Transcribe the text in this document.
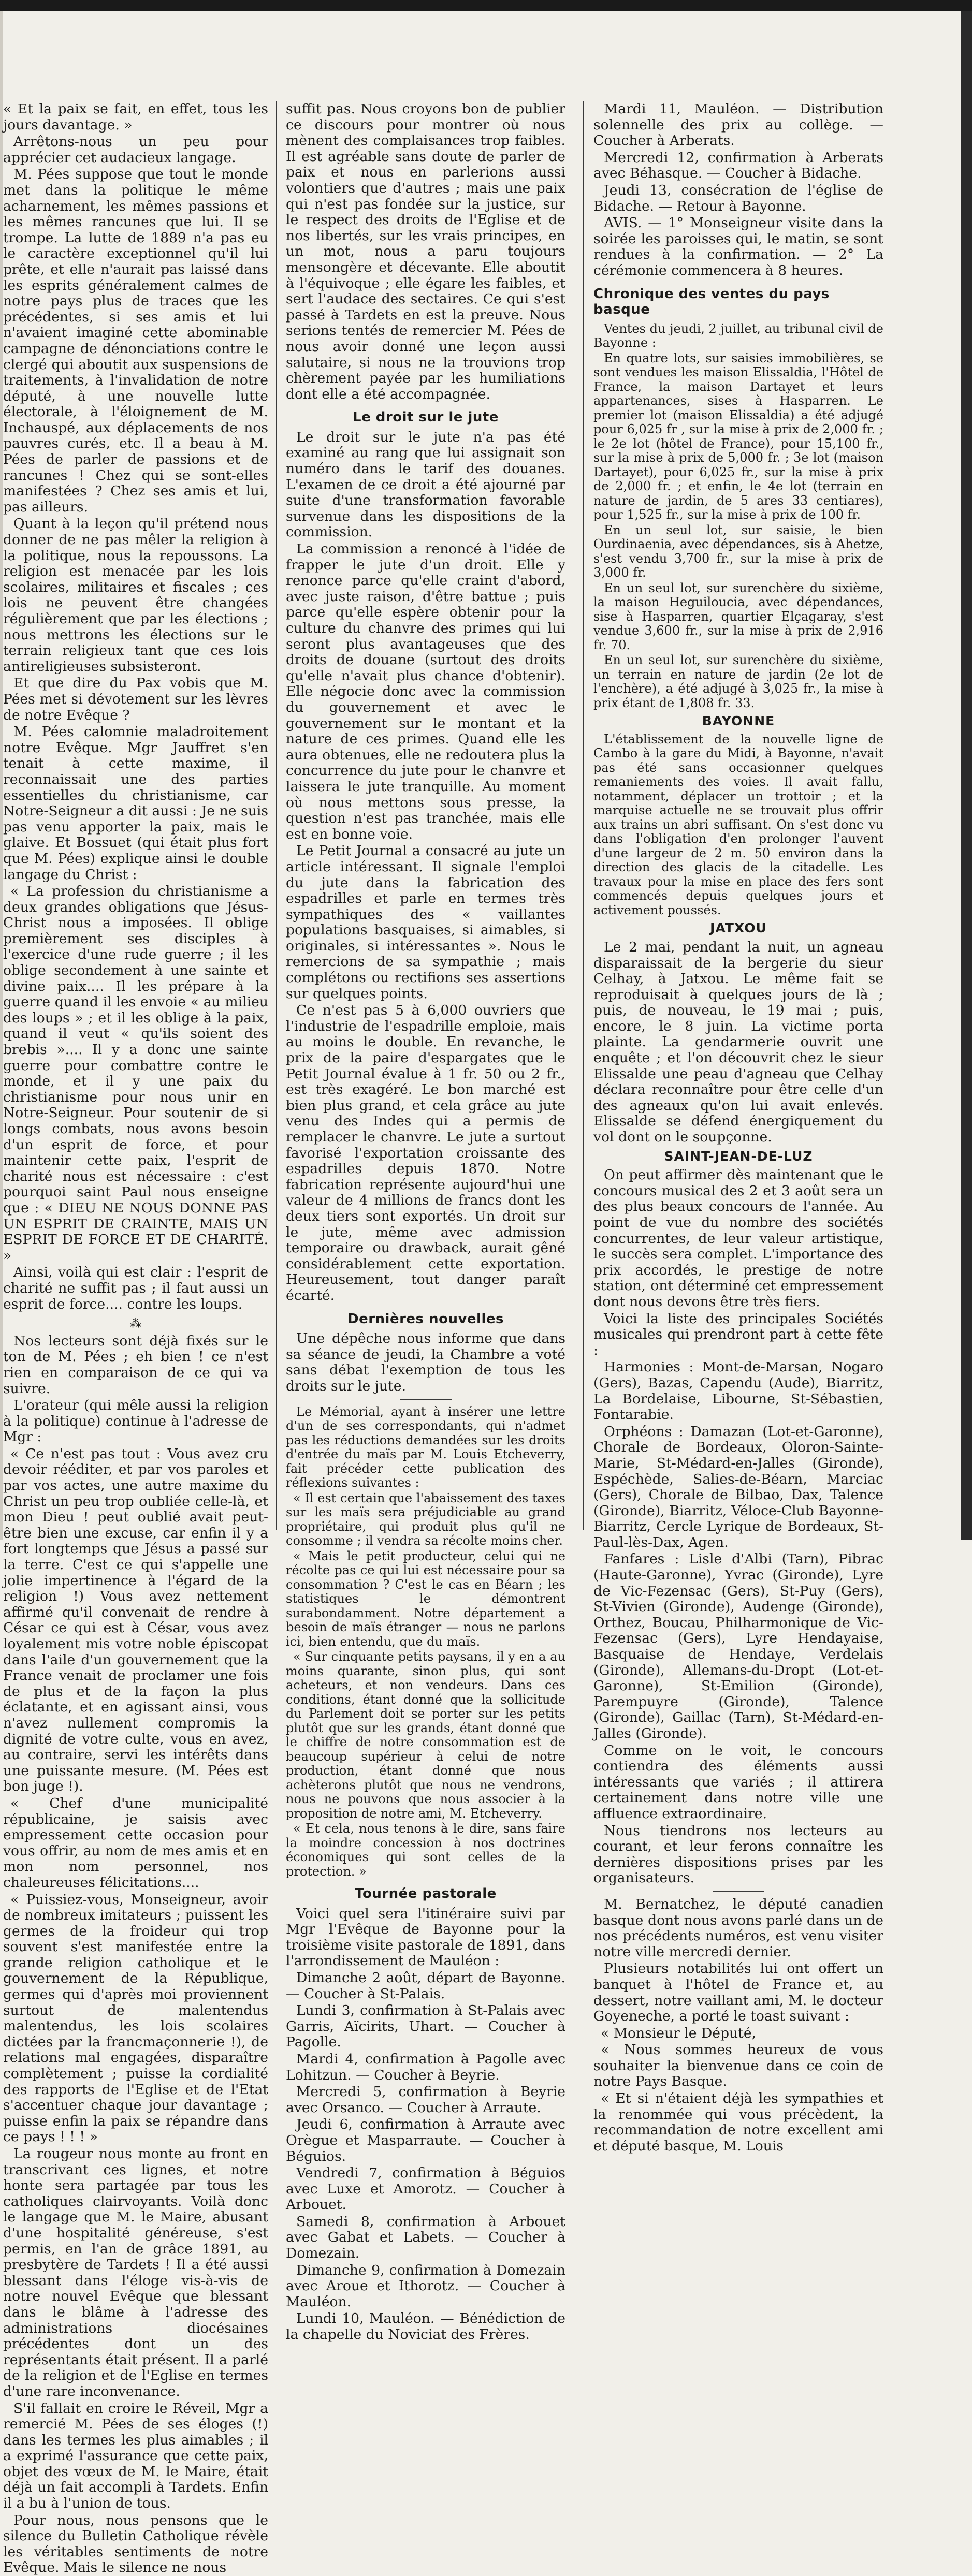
« Et la paix se fait, en effet, tous les jours davantage. »

Arrêtons-nous un peu pour apprécier cet audacieux langage.

M. Pées suppose que tout le monde met dans la politique le même acharnement, les mêmes passions et les mêmes rancunes que lui. Il se trompe. La lutte de 1889 n'a pas eu le caractère exceptionnel qu'il lui prête, et elle n'aurait pas laissé dans les esprits généralement calmes de notre pays plus de traces que les précédentes, si ses amis et lui n'avaient imaginé cette abominable campagne de dénonciations contre le clergé qui aboutit aux suspensions de traitements, à l'invalidation de notre député, à une nouvelle lutte électorale, à l'éloignement de M. Inchauspé, aux déplacements de nos pauvres curés, etc. Il a beau à M. Pées de parler de passions et de rancunes ! Chez qui se sont-elles manifestées ? Chez ses amis et lui, pas ailleurs.

Quant à la leçon qu'il prétend nous donner de ne pas mêler la religion à la politique, nous la repoussons. La religion est menacée par les lois scolaires, militaires et fiscales ; ces lois ne peuvent être changées régulièrement que par les élections ; nous mettrons les élections sur le terrain religieux tant que ces lois antireligieuses subsisteront.

Et que dire du Pax vobis que M. Pées met si dévotement sur les lèvres de notre Evêque ?

M. Pées calomnie maladroitement notre Evêque. Mgr Jauffret s'en tenait à cette maxime, il reconnaissait une des parties essentielles du christianisme, car Notre-Seigneur a dit aussi : Je ne suis pas venu apporter la paix, mais le glaive. Et Bossuet (qui était plus fort que M. Pées) explique ainsi le double langage du Christ :

« La profession du christianisme a deux grandes obligations que Jésus-Christ nous a imposées. Il oblige premièrement ses disciples à l'exercice d'une rude guerre ; il les oblige secondement à une sainte et divine paix.... Il les prépare à la guerre quand il les envoie « au milieu des loups » ; et il les oblige à la paix, quand il veut « qu'ils soient des brebis ».... Il y a donc une sainte guerre pour combattre contre le monde, et il y une paix du christianisme pour nous unir en Notre-Seigneur. Pour soutenir de si longs combats, nous avons besoin d'un esprit de force, et pour maintenir cette paix, l'esprit de charité nous est nécessaire : c'est pourquoi saint Paul nous enseigne que : « DIEU NE NOUS DONNE PAS UN ESPRIT DE CRAINTE, MAIS UN ESPRIT DE FORCE ET DE CHARITÉ. »

Ainsi, voilà qui est clair : l'esprit de charité ne suffit pas ; il faut aussi un esprit de force.... contre les loups.

⁂

Nos lecteurs sont déjà fixés sur le ton de M. Pées ; eh bien ! ce n'est rien en comparaison de ce qui va suivre.

L'orateur (qui mêle aussi la religion à la politique) continue à l'adresse de Mgr :

« Ce n'est pas tout : Vous avez cru devoir rééditer, et par vos paroles et par vos actes, une autre maxime du Christ un peu trop oubliée celle-là, et mon Dieu ! peut oublié avait peut-être bien une excuse, car enfin il y a fort longtemps que Jésus a passé sur la terre. C'est ce qui s'appelle une jolie impertinence à l'égard de la religion !) Vous avez nettement affirmé qu'il convenait de rendre à César ce qui est à César, vous avez loyalement mis votre noble épiscopat dans l'aile d'un gouvernement que la France venait de proclamer une fois de plus et de la façon la plus éclatante, et en agissant ainsi, vous n'avez nullement compromis la dignité de votre culte, vous en avez, au contraire, servi les intérêts dans une puissante mesure. (M. Pées est bon juge !).

« Chef d'une municipalité républicaine, je saisis avec empressement cette occasion pour vous offrir, au nom de mes amis et en mon nom personnel, nos chaleureuses félicitations....

« Puissiez-vous, Monseigneur, avoir de nombreux imitateurs ; puissent les germes de la froideur qui trop souvent s'est manifestée entre la grande religion catholique et le gouvernement de la République, germes qui d'après moi proviennent surtout de malentendus malentendus, les lois scolaires dictées par la francmaçonnerie !), de relations mal engagées, disparaître complètement ; puisse la cordialité des rapports de l'Eglise et de l'Etat s'accentuer chaque jour davantage ; puisse enfin la paix se répandre dans ce pays ! ! ! »

La rougeur nous monte au front en transcrivant ces lignes, et notre honte sera partagée par tous les catholiques clairvoyants. Voilà donc le langage que M. le Maire, abusant d'une hospitalité généreuse, s'est permis, en l'an de grâce 1891, au presbytère de Tardets ! Il a été aussi blessant dans l'éloge vis-à-vis de notre nouvel Evêque que blessant dans le blâme à l'adresse des administrations diocésaines précédentes dont un des représentants était présent. Il a parlé de la religion et de l'Eglise en termes d'une rare inconvenance.

S'il fallait en croire le Réveil, Mgr a remercié M. Pées de ses éloges (!) dans les termes les plus aimables ; il a exprimé l'assurance que cette paix, objet des vœux de M. le Maire, était déjà un fait accompli à Tardets. Enfin il a bu à l'union de tous.

Pour nous, nous pensons que le silence du Bulletin Catholique révèle les véritables sentiments de notre Evêque. Mais le silence ne nous

suffit pas. Nous croyons bon de publier ce discours pour montrer où nous mènent des complaisances trop faibles. Il est agréable sans doute de parler de paix et nous en parlerions aussi volontiers que d'autres ; mais une paix qui n'est pas fondée sur la justice, sur le respect des droits de l'Eglise et de nos libertés, sur les vrais principes, en un mot, nous a paru toujours mensongère et décevante. Elle aboutit à l'équivoque ; elle égare les faibles, et sert l'audace des sectaires. Ce qui s'est passé à Tardets en est la preuve. Nous serions tentés de remercier M. Pées de nous avoir donné une leçon aussi salutaire, si nous ne la trouvions trop chèrement payée par les humiliations dont elle a été accompagnée.

Le droit sur le jute

Le droit sur le jute n'a pas été examiné au rang que lui assignait son numéro dans le tarif des douanes. L'examen de ce droit a été ajourné par suite d'une transformation favorable survenue dans les dispositions de la commission.

La commission a renoncé à l'idée de frapper le jute d'un droit. Elle y renonce parce qu'elle craint d'abord, avec juste raison, d'être battue ; puis parce qu'elle espère obtenir pour la culture du chanvre des primes qui lui seront plus avantageuses que des droits de douane (surtout des droits qu'elle n'avait plus chance d'obtenir). Elle négocie donc avec la commission du gouvernement et avec le gouvernement sur le montant et la nature de ces primes. Quand elle les aura obtenues, elle ne redoutera plus la concurrence du jute pour le chanvre et laissera le jute tranquille. Au moment où nous mettons sous presse, la question n'est pas tranchée, mais elle est en bonne voie.

Le Petit Journal a consacré au jute un article intéressant. Il signale l'emploi du jute dans la fabrication des espadrilles et parle en termes très sympathiques des « vaillantes populations basquaises, si aimables, si originales, si intéressantes ». Nous le remercions de sa sympathie ; mais complétons ou rectifions ses assertions sur quelques points.

Ce n'est pas 5 à 6,000 ouvriers que l'industrie de l'espadrille emploie, mais au moins le double. En revanche, le prix de la paire d'espargates que le Petit Journal évalue à 1 fr. 50 ou 2 fr., est très exagéré. Le bon marché est bien plus grand, et cela grâce au jute venu des Indes qui a permis de remplacer le chanvre. Le jute a surtout favorisé l'exportation croissante des espadrilles depuis 1870. Notre fabrication représente aujourd'hui une valeur de 4 millions de francs dont les deux tiers sont exportés. Un droit sur le jute, même avec admission temporaire ou drawback, aurait gêné considérablement cette exportation. Heureusement, tout danger paraît écarté.

Dernières nouvelles

Une dépêche nous informe que dans sa séance de jeudi, la Chambre a voté sans débat l'exemption de tous les droits sur le jute.

Le Mémorial, ayant à insérer une lettre d'un de ses correspondants, qui n'admet pas les réductions demandées sur les droits d'entrée du maïs par M. Louis Etcheverry, fait précéder cette publication des réflexions suivantes :

« Il est certain que l'abaissement des taxes sur les maïs sera préjudiciable au grand propriétaire, qui produit plus qu'il ne consomme ; il vendra sa récolte moins cher.

« Mais le petit producteur, celui qui ne récolte pas ce qui lui est nécessaire pour sa consommation ? C'est le cas en Béarn ; les statistiques le démontrent surabondamment. Notre département a besoin de maïs étranger — nous ne parlons ici, bien entendu, que du maïs.

« Sur cinquante petits paysans, il y en a au moins quarante, sinon plus, qui sont acheteurs, et non vendeurs. Dans ces conditions, étant donné que la sollicitude du Parlement doit se porter sur les petits plutôt que sur les grands, étant donné que le chiffre de notre consommation est de beaucoup supérieur à celui de notre production, étant donné que nous achèterons plutôt que nous ne vendrons, nous ne pouvons que nous associer à la proposition de notre ami, M. Etcheverry.

« Et cela, nous tenons à le dire, sans faire la moindre concession à nos doctrines économiques qui sont celles de la protection. »

Tournée pastorale

Voici quel sera l'itinéraire suivi par Mgr l'Evêque de Bayonne pour la troisième visite pastorale de 1891, dans l'arrondissement de Mauléon :

Dimanche 2 août, départ de Bayonne. — Coucher à St-Palais.

Lundi 3, confirmation à St-Palais avec Garris, Aïcirits, Uhart. — Coucher à Pagolle.

Mardi 4, confirmation à Pagolle avec Lohitzun. — Coucher à Beyrie.

Mercredi 5, confirmation à Beyrie avec Orsanco. — Coucher à Arraute.

Jeudi 6, confirmation à Arraute avec Orègue et Masparraute. — Coucher à Béguios.

Vendredi 7, confirmation à Béguios avec Luxe et Amorotz. — Coucher à Arbouet.

Samedi 8, confirmation à Arbouet avec Gabat et Labets. — Coucher à Domezain.

Dimanche 9, confirmation à Domezain avec Aroue et Ithorotz. — Coucher à Mauléon.

Lundi 10, Mauléon. — Bénédiction de la chapelle du Noviciat des Frères.

Mardi 11, Mauléon. — Distribution solennelle des prix au collège. — Coucher à Arberats.

Mercredi 12, confirmation à Arberats avec Béhasque. — Coucher à Bidache.

Jeudi 13, consécration de l'église de Bidache. — Retour à Bayonne.

AVIS. — 1° Monseigneur visite dans la soirée les paroisses qui, le matin, se sont rendues à la confirmation. — 2° La cérémonie commencera à 8 heures.

Chronique des ventes du pays basque

Ventes du jeudi, 2 juillet, au tribunal civil de Bayonne :

En quatre lots, sur saisies immobilières, se sont vendues les maison Elissaldia, l'Hôtel de France, la maison Dartayet et leurs appartenances, sises à Hasparren. Le premier lot (maison Elissaldia) a été adjugé pour 6,025 fr , sur la mise à prix de 2,000 fr. ; le 2e lot (hôtel de France), pour 15,100 fr., sur la mise à prix de 5,000 fr. ; 3e lot (maison Dartayet), pour 6,025 fr., sur la mise à prix de 2,000 fr. ; et enfin, le 4e lot (terrain en nature de jardin, de 5 ares 33 centiares), pour 1,525 fr., sur la mise à prix de 100 fr.

En un seul lot, sur saisie, le bien Ourdinaenia, avec dépendances, sis à Ahetze, s'est vendu 3,700 fr., sur la mise à prix de 3,000 fr.

En un seul lot, sur surenchère du sixième, la maison Heguiloucia, avec dépendances, sise à Hasparren, quartier Elçagaray, s'est vendue 3,600 fr., sur la mise à prix de 2,916 fr. 70.

En un seul lot, sur surenchère du sixième, un terrain en nature de jardin (2e lot de l'enchère), a été adjugé à 3,025 fr., la mise à prix étant de 1,808 fr. 33.

BAYONNE

L'établissement de la nouvelle ligne de Cambo à la gare du Midi, à Bayonne, n'avait pas été sans occasionner quelques remaniements des voies. Il avait fallu, notamment, déplacer un trottoir ; et la marquise actuelle ne se trouvait plus offrir aux trains un abri suffisant. On s'est donc vu dans l'obligation d'en prolonger l'auvent d'une largeur de 2 m. 50 environ dans la direction des glacis de la citadelle. Les travaux pour la mise en place des fers sont commencés depuis quelques jours et activement poussés.

JATXOU

Le 2 mai, pendant la nuit, un agneau disparaissait de la bergerie du sieur Celhay, à Jatxou. Le même fait se reproduisait à quelques jours de là ; puis, de nouveau, le 19 mai ; puis, encore, le 8 juin. La victime porta plainte. La gendarmerie ouvrit une enquête ; et l'on découvrit chez le sieur Elissalde une peau d'agneau que Celhay déclara reconnaître pour être celle d'un des agneaux qu'on lui avait enlevés. Elissalde se défend énergiquement du vol dont on le soupçonne.

SAINT-JEAN-DE-LUZ

On peut affirmer dès maintenant que le concours musical des 2 et 3 août sera un des plus beaux concours de l'année. Au point de vue du nombre des sociétés concurrentes, de leur valeur artistique, le succès sera complet. L'importance des prix accordés, le prestige de notre station, ont déterminé cet empressement dont nous devons être très fiers.

Voici la liste des principales Sociétés musicales qui prendront part à cette fête :

Harmonies : Mont-de-Marsan, Nogaro (Gers), Bazas, Capendu (Aude), Biarritz, La Bordelaise, Libourne, St-Sébastien, Fontarabie.

Orphéons : Damazan (Lot-et-Garonne), Chorale de Bordeaux, Oloron-Sainte-Marie, St-Médard-en-Jalles (Gironde), Espéchède, Salies-de-Béarn, Marciac (Gers), Chorale de Bilbao, Dax, Talence (Gironde), Biarritz, Véloce-Club Bayonne-Biarritz, Cercle Lyrique de Bordeaux, St-Paul-lès-Dax, Agen.

Fanfares : Lisle d'Albi (Tarn), Pibrac (Haute-Garonne), Yvrac (Gironde), Lyre de Vic-Fezensac (Gers), St-Puy (Gers), St-Vivien (Gironde), Audenge (Gironde), Orthez, Boucau, Philharmonique de Vic-Fezensac (Gers), Lyre Hendayaise, Basquaise de Hendaye, Verdelais (Gironde), Allemans-du-Dropt (Lot-et-Garonne), St-Emilion (Gironde), Parempuyre (Gironde), Talence (Gironde), Gaillac (Tarn), St-Médard-en-Jalles (Gironde).

Comme on le voit, le concours contiendra des éléments aussi intéressants que variés ; il attirera certainement dans notre ville une affluence extraordinaire.

Nous tiendrons nos lecteurs au courant, et leur ferons connaître les dernières dispositions prises par les organisateurs.

M. Bernatchez, le député canadien basque dont nous avons parlé dans un de nos précédents numéros, est venu visiter notre ville mercredi dernier.

Plusieurs notabilités lui ont offert un banquet à l'hôtel de France et, au dessert, notre vaillant ami, M. le docteur Goyeneche, a porté le toast suivant :

« Monsieur le Député,

« Nous sommes heureux de vous souhaiter la bienvenue dans ce coin de notre Pays Basque.

« Et si n'étaient déjà les sympathies et la renommée qui vous précèdent, la recommandation de notre excellent ami et député basque, M. Louis
